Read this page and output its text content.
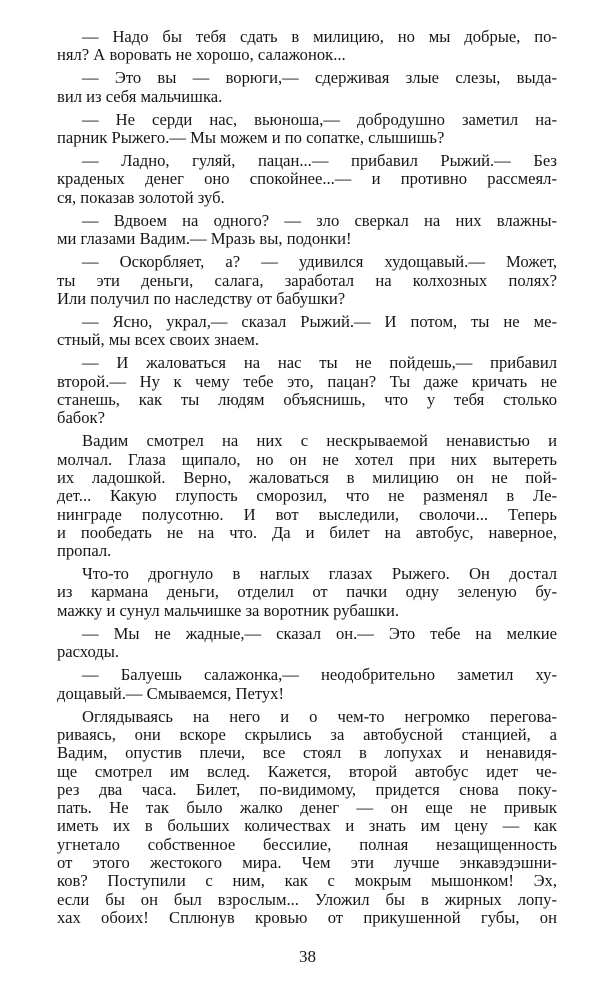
— Надо бы тебя сдать в милицию, но мы добрые, по-
нял? А воровать не хорошо, салажонок...
— Это вы — ворюги,— сдерживая злые слезы, выда-
вил из себя мальчишка.
— Не серди нас, вьюноша,— добродушно заметил на-
парник Рыжего.— Мы можем и по сопатке, слышишь?
— Ладно, гуляй, пацан...— прибавил Рыжий.— Без
краденых денег оно спокойнее...— и противно рассмеял-
ся, показав золотой зуб.
— Вдвоем на одного? — зло сверкал на них влажны-
ми глазами Вадим.— Мразь вы, подонки!
— Оскорбляет, а? — удивился худощавый.— Может,
ты эти деньги, салага, заработал на колхозных полях?
Или получил по наследству от бабушки?
— Ясно, украл,— сказал Рыжий.— И потом, ты не ме-
стный, мы всех своих знаем.
— И жаловаться на нас ты не пойдешь,— прибавил
второй.— Ну к чему тебе это, пацан? Ты даже кричать не
станешь, как ты людям объяснишь, что у тебя столько
бабок?
Вадим смотрел на них с нескрываемой ненавистью и
молчал. Глаза щипало, но он не хотел при них вытереть
их ладошкой. Верно, жаловаться в милицию он не пой-
дет... Какую глупость сморозил, что не разменял в Ле-
нинграде полусотню. И вот выследили, сволочи... Теперь
и пообедать не на что. Да и билет на автобус, наверное,
пропал.
Что-то дрогнуло в наглых глазах Рыжего. Он достал
из кармана деньги, отделил от пачки одну зеленую бу-
мажку и сунул мальчишке за воротник рубашки.
— Мы не жадные,— сказал он.— Это тебе на мелкие
расходы.
— Балуешь салажонка,— неодобрительно заметил ху-
дощавый.— Смываемся, Петух!
Оглядываясь на него и о чем-то негромко перегова-
риваясь, они вскоре скрылись за автобусной станцией, а
Вадим, опустив плечи, все стоял в лопухах и ненавидя-
ще смотрел им вслед. Кажется, второй автобус идет че-
рез два часа. Билет, по-видимому, придется снова поку-
пать. Не так было жалко денег — он еще не привык
иметь их в больших количествах и знать им цену — как
угнетало собственное бессилие, полная незащищенность
от этого жестокого мира. Чем эти лучше энкавэдэшни-
ков? Поступили с ним, как с мокрым мышонком! Эх,
если бы он был взрослым... Уложил бы в жирных лопу-
хах обоих! Сплюнув кровью от прикушенной губы, он
38
